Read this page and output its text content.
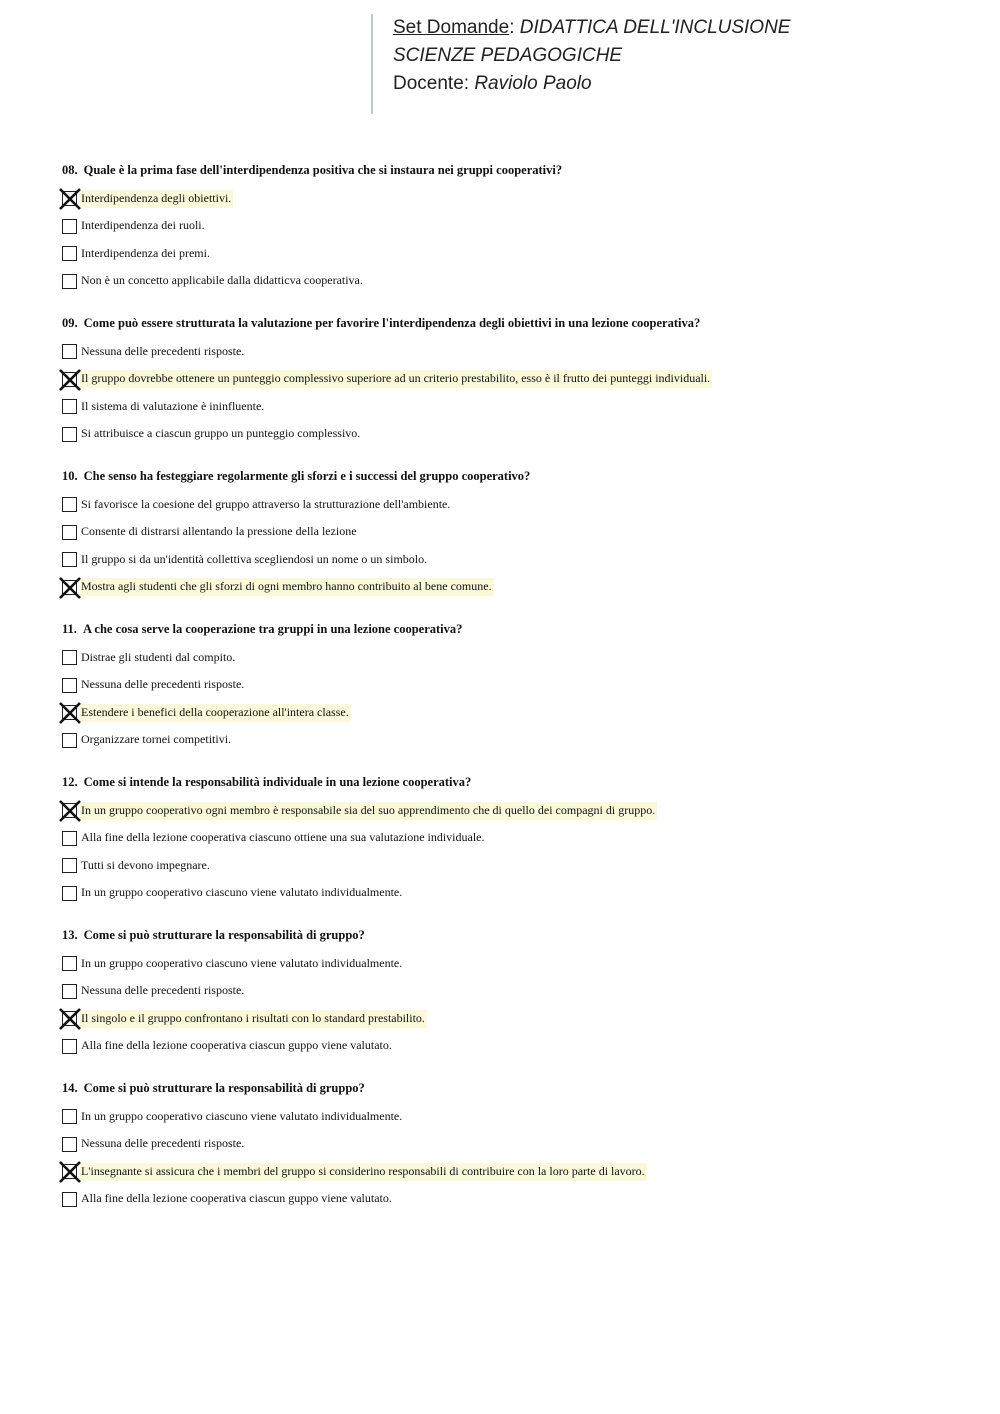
Set Domande: DIDATTICA DELL'INCLUSIONE
SCIENZE PEDAGOGICHE
Docente: Raviolo Paolo
08. Quale è la prima fase dell'interdipendenza positiva che si instaura nei gruppi cooperativi?
Interdipendenza degli obiettivi.
Interdipendenza dei ruoli.
Interdipendenza dei premi.
Non è un concetto applicabile dalla didatticva cooperativa.
09. Come può essere strutturata la valutazione per favorire l'interdipendenza degli obiettivi in una lezione cooperativa?
Nessuna delle precedenti risposte.
Il gruppo dovrebbe ottenere un punteggio complessivo superiore ad un criterio prestabilito, esso è il frutto dei punteggi individuali.
Il sistema di valutazione è ininfluente.
Si attribuisce a ciascun gruppo un punteggio complessivo.
10. Che senso ha festeggiare regolarmente gli sforzi e i successi del gruppo cooperativo?
Si favorisce la coesione del gruppo attraverso la strutturazione dell'ambiente.
Consente di distrarsi allentando la pressione della lezione
Il gruppo si da un'identità collettiva scegliendosi un nome o un simbolo.
Mostra agli studenti che gli sforzi di ogni membro hanno contribuito al bene comune.
11. A che cosa serve la cooperazione tra gruppi in una lezione cooperativa?
Distrae gli studenti dal compito.
Nessuna delle precedenti risposte.
Estendere i benefici della cooperazione all'intera classe.
Organizzare tornei competitivi.
12. Come si intende la responsabilità individuale in una lezione cooperativa?
In un gruppo cooperativo ogni membro è responsabile sia del suo apprendimento che di quello dei compagni di gruppo.
Alla fine della lezione cooperativa ciascuno ottiene una sua valutazione individuale.
Tutti si devono impegnare.
In un gruppo cooperativo ciascuno viene valutato individualmente.
13. Come si può strutturare la responsabilità di gruppo?
In un gruppo cooperativo ciascuno viene valutato individualmente.
Nessuna delle precedenti risposte.
Il singolo e il gruppo confrontano i risultati con lo standard prestabilito.
Alla fine della lezione cooperativa ciascun guppo viene valutato.
14. Come si può strutturare la responsabilità di gruppo?
In un gruppo cooperativo ciascuno viene valutato individualmente.
Nessuna delle precedenti risposte.
L'insegnante si assicura che i membri del gruppo si considerino responsabili di contribuire con la loro parte di lavoro.
Alla fine della lezione cooperativa ciascun guppo viene valutato.
